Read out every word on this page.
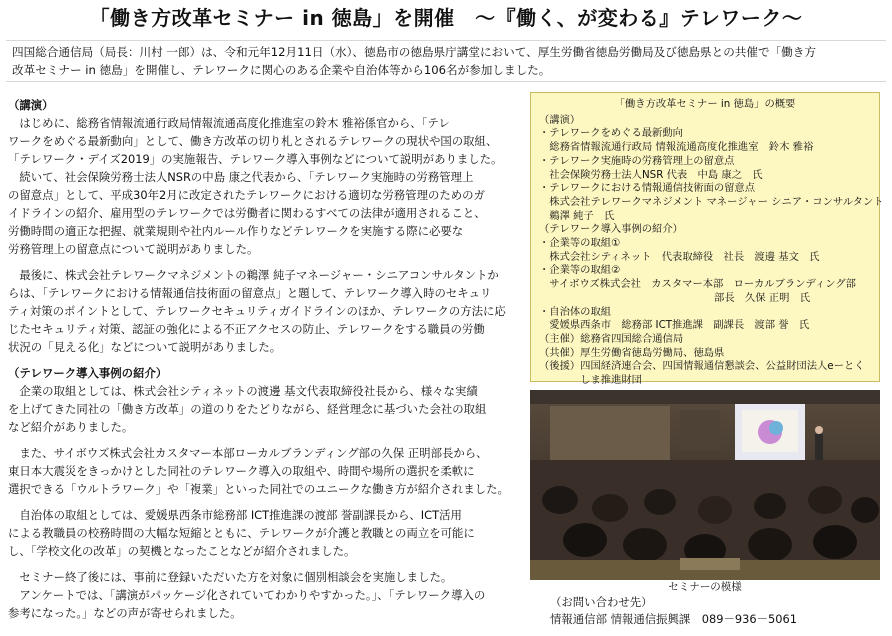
「働き方改革セミナー in 徳島」を開催　～『働く、が変わる』テレワーク～
四国総合通信局（局長：川村 一郎）は、令和元年12月11日（水）、徳島市の徳島県庁講堂において、厚生労働省徳島労働局及び徳島県との共催で「働き方
改革セミナー in 徳島」を開催し、テレワークに関心のある企業や自治体等から106名が参加しました。
（講演）
　はじめに、総務省情報流通行政局情報流通高度化推進室の鈴木 雅裕係官から、「テレ
ワークをめぐる最新動向」として、働き方改革の切り札とされるテレワークの現状や国の取組、
「テレワーク・デイズ2019」の実施報告、テレワーク導入事例などについて説明がありました。
　続いて、社会保険労務士法人NSRの中島 康之代表から、「テレワーク実施時の労務管理上
の留意点」として、平成30年2月に改定されたテレワークにおける適切な労務管理のためのガ
イドラインの紹介、雇用型のテレワークでは労働者に関わるすべての法律が適用されること、
労働時間の適正な把握、就業規則や社内ルール作りなどテレワークを実施する際に必要な
労務管理上の留意点について説明がありました。
　最後に、株式会社テレワークマネジメントの鵜澤 純子マネージャー・シニアコンサルタントか
らは、「テレワークにおける情報通信技術面の留意点」と題して、テレワーク導入時のセキュリ
ティ対策のポイントとして、テレワークセキュリティガイドラインのほか、テレワークの方法に応
じたセキュリティ対策、認証の強化による不正アクセスの防止、テレワークをする職員の労働
状況の「見える化」などについて説明がありました。
（テレワーク導入事例の紹介）
　企業の取組としては、株式会社シティネットの渡邊 基文代表取締役社長から、様々な実績
を上げてきた同社の「働き方改革」の道のりをたどりながら、経営理念に基づいた会社の取組
など紹介がありました。
　また、サイボウズ株式会社カスタマー本部ローカルブランディング部の久保 正明部長から、
東日本大震災をきっかけとした同社のテレワーク導入の取組や、時間や場所の選択を柔軟に
選択できる「ウルトラワーク」や「複業」といった同社でのユニークな働き方が紹介されました。
　自治体の取組としては、愛媛県西条市総務部 ICT推進課の渡部 誉副課長から、ICT活用
による教職員の校務時間の大幅な短縮とともに、テレワークが介護と教職との両立を可能に
し、「学校文化の改革」の契機となったことなどが紹介されました。
　セミナー終了後には、事前に登録いただいた方を対象に個別相談会を実施しました。
　アンケートでは、「講演がパッケージ化されていてわかりやすかった。」、「テレワーク導入の
参考になった。」などの声が寄せられました。
「働き方改革セミナー in 徳島」の概要
（講演）
・テレワークをめぐる最新動向
　総務省情報流通行政局 情報流通高度化推進室　鈴木 雅裕
・テレワーク実施時の労務管理上の留意点
　社会保険労務士法人NSR 代表　中島 康之　氏
・テレワークにおける情報通信技術面の留意点
　株式会社テレワークマネジメント マネージャー シニア・コンサルタント
　鵜澤 純子　氏
（テレワーク導入事例の紹介）
・企業等の取組①
　株式会社シティネット　代表取締役　社長　渡邊 基文　氏
・企業等の取組②
　サイボウズ株式会社　カスタマー本部　ローカルブランディング部
　　　　　　　　　　　　　　　　　部長　久保 正明　氏
・自治体の取組
　愛媛県西条市　総務部 ICT推進課　副課長　渡部 誉　氏
（主催）総務省四国総合通信局
（共催）厚生労働省徳島労働局、徳島県
（後援）四国経済連合会、四国情報通信懇談会、公益財団法人eーとく
　　　　しま推進財団
セミナーの模様
（お問い合わせ先）
情報通信部 情報通信振興課　089－936－5061
